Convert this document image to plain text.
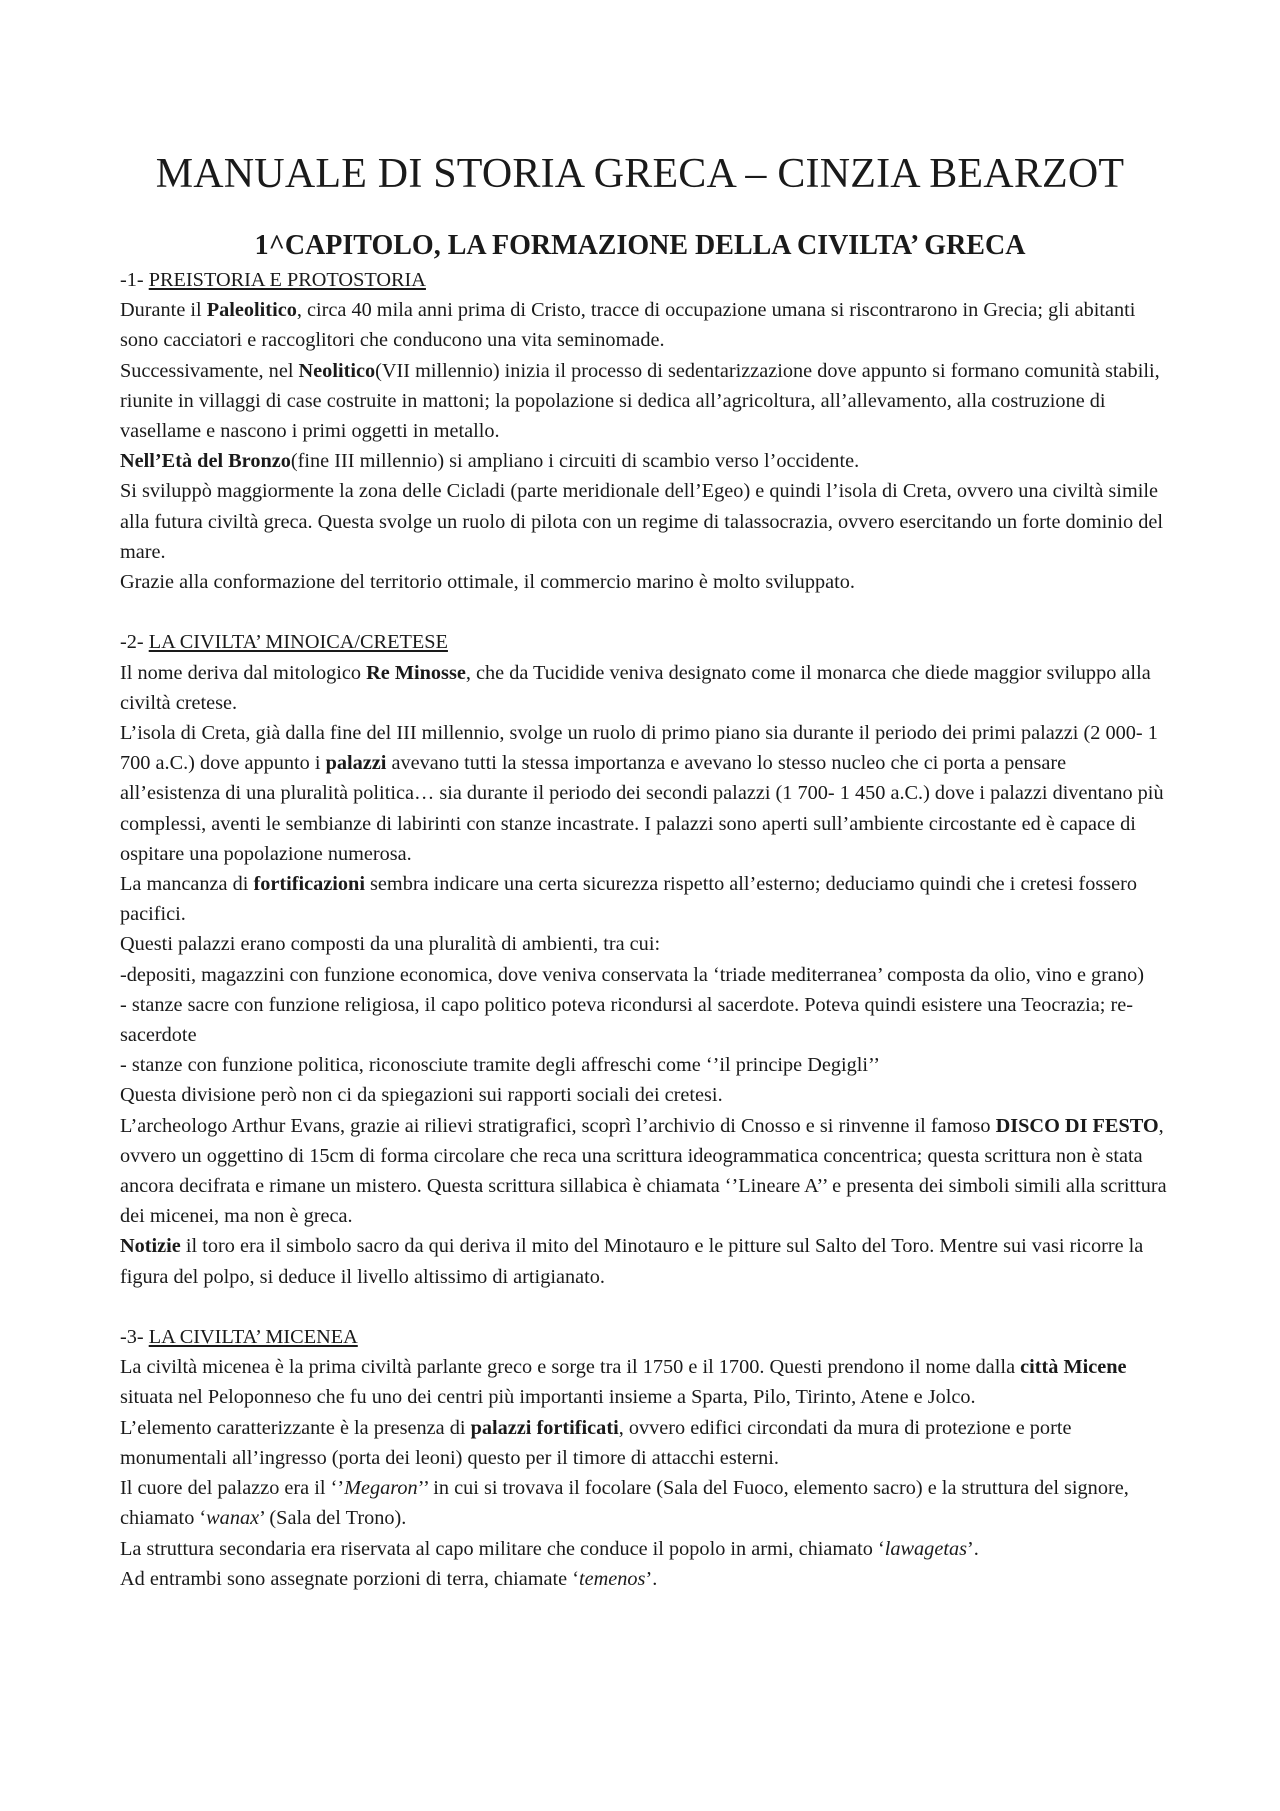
MANUALE DI STORIA GRECA – CINZIA BEARZOT
1^CAPITOLO, LA FORMAZIONE DELLA CIVILTA’ GRECA

-1- PREISTORIA E PROTOSTORIA

Durante il Paleolitico, circa 40 mila anni prima di Cristo, tracce di occupazione umana si riscontrarono in Grecia; gli abitanti sono cacciatori e raccoglitori che conducono una vita seminomade.

Successivamente, nel Neolitico(VII millennio) inizia il processo di sedentarizzazione dove appunto si formano comunità stabili, riunite in villaggi di case costruite in mattoni; la popolazione si dedica all’agricoltura, all’allevamento, alla costruzione di vasellame e nascono i primi oggetti in metallo.

Nell’Età del Bronzo(fine III millennio) si ampliano i circuiti di scambio verso l’occidente.

Si sviluppò maggiormente la zona delle Cicladi (parte meridionale dell’Egeo) e quindi l’isola di Creta, ovvero una civiltà simile alla futura civiltà greca. Questa svolge un ruolo di pilota con un regime di talassocrazia, ovvero esercitando un forte dominio del mare.

Grazie alla conformazione del territorio ottimale, il commercio marino è molto sviluppato.

-2- LA CIVILTA’ MINOICA/CRETESE

Il nome deriva dal mitologico Re Minosse, che da Tucidide veniva designato come il monarca che diede maggior sviluppo alla civiltà cretese.

L’isola di Creta, già dalla fine del III millennio, svolge un ruolo di primo piano sia durante il periodo dei primi palazzi (2 000- 1 700 a.C.) dove appunto i palazzi avevano tutti la stessa importanza e avevano lo stesso nucleo che ci porta a pensare all’esistenza di una pluralità politica… sia durante il periodo dei secondi palazzi (1 700- 1 450 a.C.) dove i palazzi diventano più complessi, aventi le sembianze di labirinti con stanze incastrate. I palazzi sono aperti sull’ambiente circostante ed è capace di ospitare una popolazione numerosa.

La mancanza di fortificazioni sembra indicare una certa sicurezza rispetto all’esterno; deduciamo quindi che i cretesi fossero pacifici.

Questi palazzi erano composti da una pluralità di ambienti, tra cui:

-depositi, magazzini con funzione economica, dove veniva conservata la ‘triade mediterranea’ composta da olio, vino e grano)

- stanze sacre con funzione religiosa, il capo politico poteva ricondursi al sacerdote. Poteva quindi esistere una Teocrazia; re-sacerdote

- stanze con funzione politica, riconosciute tramite degli affreschi come ‘’il principe Degigli’’

Questa divisione però non ci da spiegazioni sui rapporti sociali dei cretesi.

L’archeologo Arthur Evans, grazie ai rilievi stratigrafici, scoprì l’archivio di Cnosso e si rinvenne il famoso DISCO DI FESTO, ovvero un oggettino di 15cm di forma circolare che reca una scrittura ideogrammatica concentrica; questa scrittura non è stata ancora decifrata e rimane un mistero. Questa scrittura sillabica è chiamata ‘’Lineare A’’ e presenta dei simboli simili alla scrittura dei micenei, ma non è greca.

Notizie il toro era il simbolo sacro da qui deriva il mito del Minotauro e le pitture sul Salto del Toro. Mentre sui vasi ricorre la figura del polpo, si deduce il livello altissimo di artigianato.

-3- LA CIVILTA’ MICENEA

La civiltà micenea è la prima civiltà parlante greco e sorge tra il 1750 e il 1700. Questi prendono il nome dalla città Micene situata nel Peloponneso che fu uno dei centri più importanti insieme a Sparta, Pilo, Tirinto, Atene e Jolco.

L’elemento caratterizzante è la presenza di palazzi fortificati, ovvero edifici circondati da mura di protezione e porte monumentali all’ingresso (porta dei leoni) questo per il timore di attacchi esterni.

Il cuore del palazzo era il ‘’Megaron’’ in cui si trovava il focolare (Sala del Fuoco, elemento sacro) e la struttura del signore, chiamato ‘wanax’ (Sala del Trono).

La struttura secondaria era riservata al capo militare che conduce il popolo in armi, chiamato ‘lawagetas’.

Ad entrambi sono assegnate porzioni di terra, chiamate ‘temenos’.
